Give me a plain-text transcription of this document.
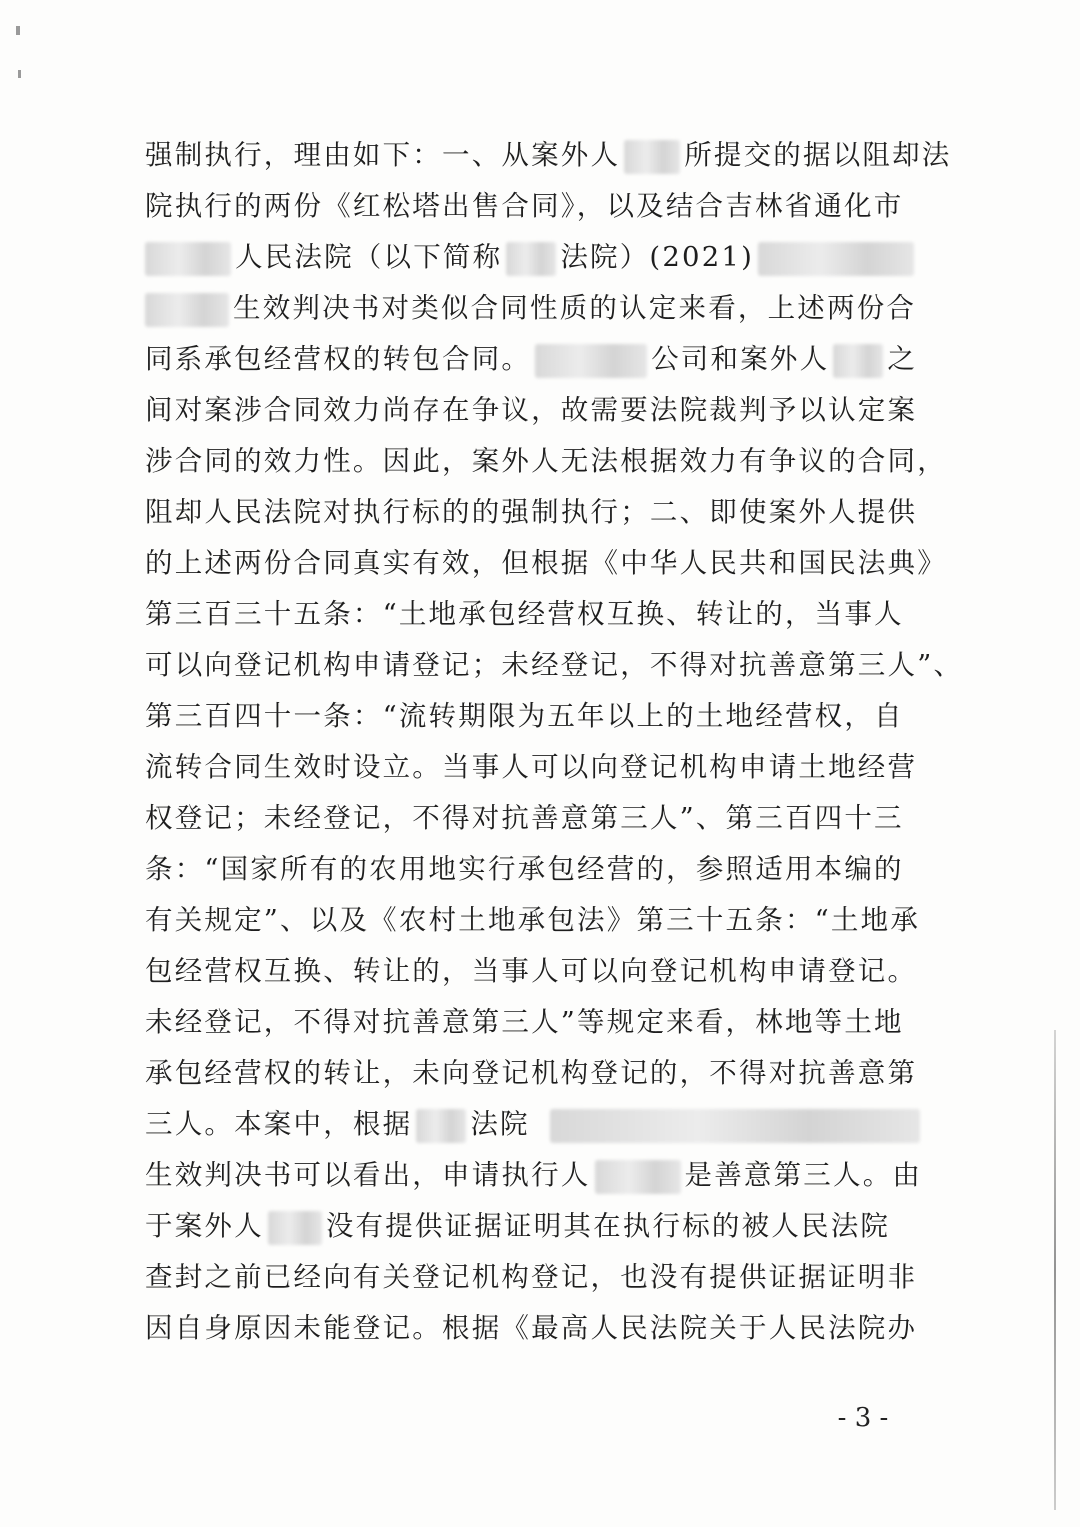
强制执行，理由如下：一、从案外人 所提交的据以阻却法
院执行的两份《红松塔出售合同》，以及结合吉林省通化市
人民法院（以下简称 法院）(2021)
生效判决书对类似合同性质的认定来看，上述两份合
同系承包经营权的转包合同。	公司和案外人 之
间对案涉合同效力尚存在争议，故需要法院裁判予以认定案
涉合同的效力性。因此，案外人无法根据效力有争议的合同，
阻却人民法院对执行标的的强制执行；二、即使案外人提供
的上述两份合同真实有效，但根据《中华人民共和国民法典》
第三百三十五条：“土地承包经营权互换、转让的，当事人
可以向登记机构申请登记；未经登记，不得对抗善意第三人”、
第三百四十一条：“流转期限为五年以上的土地经营权，自
流转合同生效时设立。当事人可以向登记机构申请土地经营
权登记；未经登记，不得对抗善意第三人”、第三百四十三
条：“国家所有的农用地实行承包经营的，参照适用本编的
有关规定”、以及《农村土地承包法》第三十五条：“土地承
包经营权互换、转让的，当事人可以向登记机构申请登记。
未经登记，不得对抗善意第三人”等规定来看，林地等土地
承包经营权的转让，未向登记机构登记的，不得对抗善意第
三人。本案中，根据 法院
生效判决书可以看出，申请执行人	是善意第三人。由
于案外人 没有提供证据证明其在执行标的被人民法院
查封之前已经向有关登记机构登记，也没有提供证据证明非
因自身原因未能登记。根据《最高人民法院关于人民法院办
- 3 -
